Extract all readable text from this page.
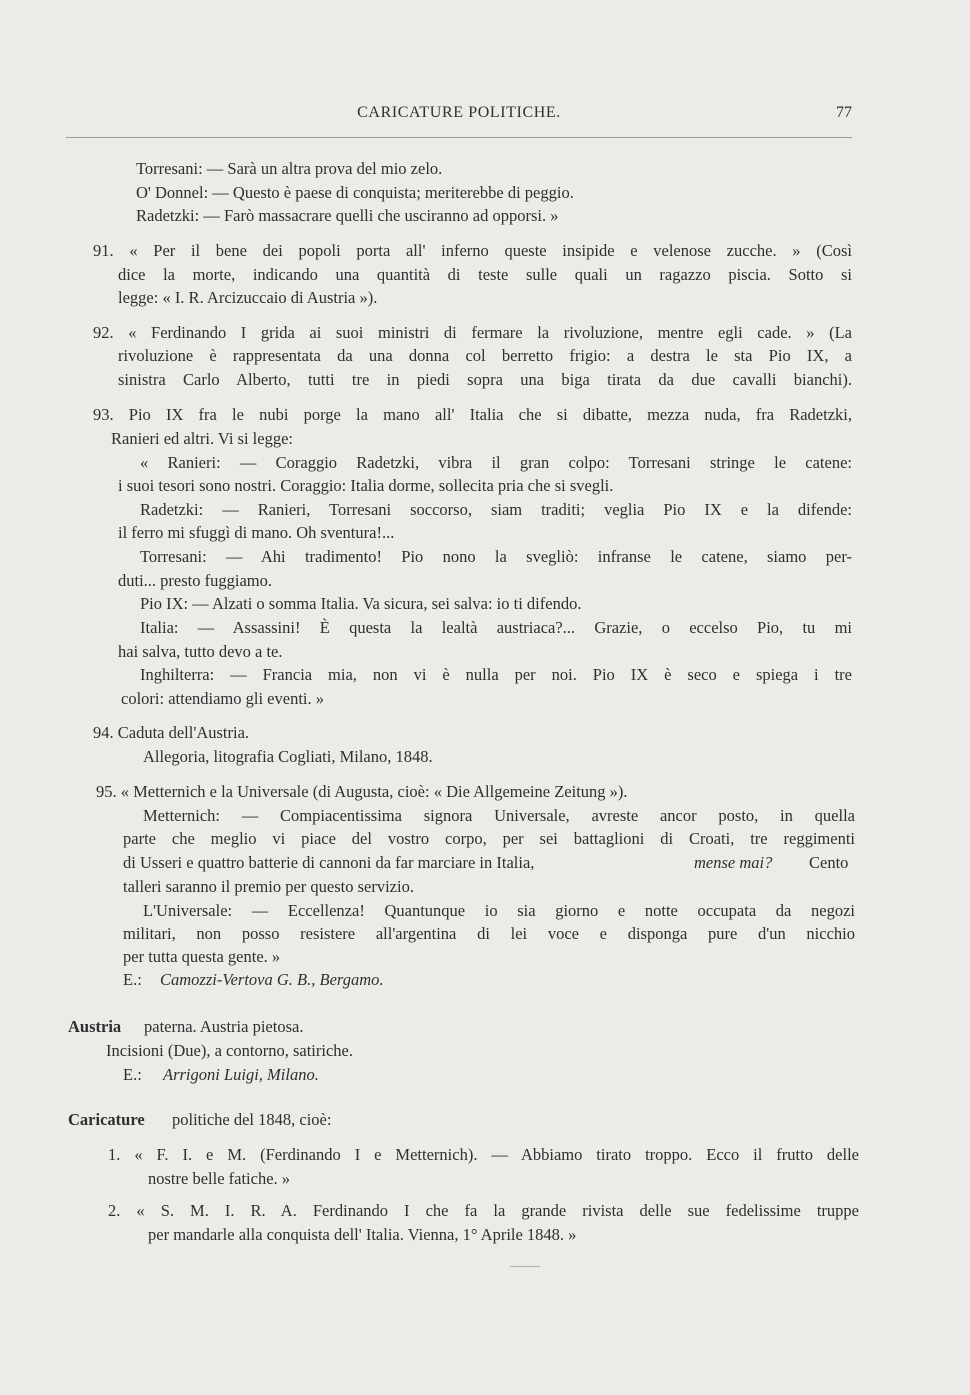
CARICATURE POLITICHE.	77
Torresani: — Sarà un altra prova del mio zelo.
O' Donnel: — Questo è paese di conquista; meriterebbe di peggio.
Radetzki: — Farò massacrare quelli che usciranno ad opporsi. »
91. « Per il bene dei popoli porta all' inferno queste insipide e velenose zucche. » (Così
dice la morte, indicando una quantità di teste sulle quali un ragazzo piscia. Sotto si
legge: « I. R. Arcizuccaio di Austria »).
92. « Ferdinando I grida ai suoi ministri di fermare la rivoluzione, mentre egli cade. » (La
rivoluzione è rappresentata da una donna col berretto frigio: a destra le sta Pio IX, a
sinistra Carlo Alberto, tutti tre in piedi sopra una biga tirata da due cavalli bianchi).
93. Pio IX fra le nubi porge la mano all' Italia che si dibatte, mezza nuda, fra Radetzki,
Ranieri ed altri. Vi si legge:
« Ranieri: — Coraggio Radetzki, vibra il gran colpo: Torresani stringe le catene:
i suoi tesori sono nostri. Coraggio: Italia dorme, sollecita pria che si svegli.
Radetzki: — Ranieri, Torresani soccorso, siam traditi; veglia Pio IX e la difende:
il ferro mi sfuggì di mano. Oh sventura!...
Torresani: — Ahi tradimento! Pio nono la svegliò: infranse le catene, siamo per-
duti... presto fuggiamo.
Pio IX: — Alzati o somma Italia. Va sicura, sei salva: io ti difendo.
Italia: — Assassini! È questa la lealtà austriaca?... Grazie, o eccelso Pio, tu mi
hai salva, tutto devo a te.
Inghilterra: — Francia mia, non vi è nulla per noi. Pio IX è seco e spiega i tre
colori: attendiamo gli eventi. »
94. Caduta dell'Austria.
Allegoria, litografia Cogliati, Milano, 1848.
95. « Metternich e la Universale (di Augusta, cioè: « Die Allgemeine Zeitung »).
Metternich: — Compiacentissima signora Universale, avreste ancor posto, in quella
parte che meglio vi piace del vostro corpo, per sei battaglioni di Croati, tre reggimenti
di Usseri e quattro batterie di cannoni da far marciare in Italia,	mense mai? Cento
talleri saranno il premio per questo servizio.
L'Universale: — Eccellenza! Quantunque io sia giorno e notte occupata da negozi
militari, non posso resistere all'argentina di lei voce e disponga pure d'un nicchio
per tutta questa gente. »
E.: Camozzi-Vertova G. B., Bergamo.
Austria paterna. Austria pietosa.
Incisioni (Due), a contorno, satiriche.
E.: Arrigoni Luigi, Milano.
Caricature politiche del 1848, cioè:
1. « F. I. e M. (Ferdinando I e Metternich). — Abbiamo tirato troppo. Ecco il frutto delle
nostre belle fatiche. »
2. « S. M. I. R. A. Ferdinando I che fa la grande rivista delle sue fedelissime truppe
per mandarle alla conquista dell' Italia. Vienna, 1° Aprile 1848. »
